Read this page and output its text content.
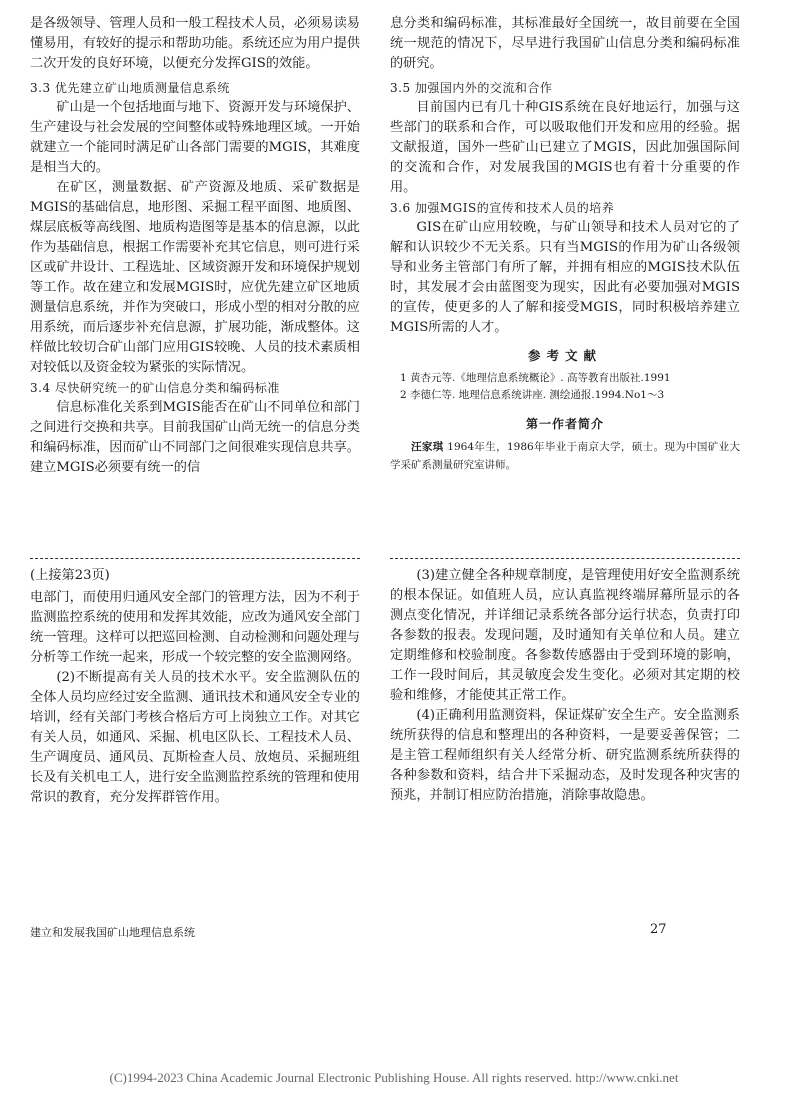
是各级领导、管理人员和一般工程技术人员，必须易读易懂易用，有较好的提示和帮助功能。系统还应为用户提供二次开发的良好环境，以便充分发挥GIS的效能。

3.3 优先建立矿山地质测量信息系统

矿山是一个包括地面与地下、资源开发与环境保护、生产建设与社会发展的空间整体或特殊地理区域。一开始就建立一个能同时满足矿山各部门需要的MGIS，其难度是相当大的。

在矿区，测量数据、矿产资源及地质、采矿数据是MGIS的基础信息，地形图、采掘工程平面图、地质图、煤层底板等高线图、地质构造图等是基本的信息源，以此作为基础信息，根据工作需要补充其它信息，则可进行采区或矿井设计、工程选址、区域资源开发和环境保护规划等工作。故在建立和发展MGIS时，应优先建立矿区地质测量信息系统，并作为突破口，形成小型的相对分散的应用系统，而后逐步补充信息源，扩展功能，渐成整体。这样做比较切合矿山部门应用GIS较晚、人员的技术素质相对较低以及资金较为紧张的实际情况。

3.4 尽快研究统一的矿山信息分类和编码标准

信息标准化关系到MGIS能否在矿山不同单位和部门之间进行交换和共享。目前我国矿山尚无统一的信息分类和编码标准，因而矿山不同部门之间很难实现信息共享。建立MGIS必须要有统一的信

息分类和编码标准，其标准最好全国统一，故目前要在全国统一规范的情况下，尽早进行我国矿山信息分类和编码标准的研究。

3.5 加强国内外的交流和合作

目前国内已有几十种GIS系统在良好地运行，加强与这些部门的联系和合作，可以吸取他们开发和应用的经验。据文献报道，国外一些矿山已建立了MGIS，因此加强国际间的交流和合作，对发展我国的MGIS也有着十分重要的作用。

3.6 加强MGIS的宣传和技术人员的培养

GIS在矿山应用较晚，与矿山领导和技术人员对它的了解和认识较少不无关系。只有当MGIS的作用为矿山各级领导和业务主管部门有所了解，并拥有相应的MGIS技术队伍时，其发展才会由蓝图变为现实，因此有必要加强对MGIS的宣传，使更多的人了解和接受MGIS，同时积极培养建立MGIS所需的人才。

参考文献
1 黄杏元等.《地理信息系统概论》. 高等教育出版社.1991
2 李德仁等. 地理信息系统讲座. 测绘通报.1994.No1～3
第一作者简介
汪家琪 1964年生，1986年毕业于南京大学，硕士。现为中国矿业大学采矿系测量研究室讲师。

(上接第23页)

电部门，而使用归通风安全部门的管理方法，因为不利于监测监控系统的使用和发挥其效能，应改为通风安全部门统一管理。这样可以把巡回检测、自动检测和问题处理与分析等工作统一起来，形成一个较完整的安全监测网络。

(2)不断提高有关人员的技术水平。安全监测队伍的全体人员均应经过安全监测、通讯技术和通风安全专业的培训，经有关部门考核合格后方可上岗独立工作。对其它有关人员，如通风、采掘、机电区队长、工程技术人员、生产调度员、通风员、瓦斯检查人员、放炮员、采掘班组长及有关机电工人，进行安全监测监控系统的管理和使用常识的教育，充分发挥群管作用。

(3)建立健全各种规章制度，是管理使用好安全监测系统的根本保证。如值班人员，应认真监视终端屏幕所显示的各测点变化情况，并详细记录系统各部分运行状态，负责打印各参数的报表。发现问题，及时通知有关单位和人员。建立定期维修和校验制度。各参数传感器由于受到环境的影响，工作一段时间后，其灵敏度会发生变化。必须对其定期的校验和维修，才能使其正常工作。

(4)正确利用监测资料，保证煤矿安全生产。安全监测系统所获得的信息和整理出的各种资料，一是要妥善保管；二是主管工程师组织有关人经常分析、研究监测系统所获得的各种参数和资料，结合井下采掘动态，及时发现各种灾害的预兆，并制订相应防治措施，消除事故隐患。

建立和发展我国矿山地理信息系统	27
(C)1994-2023 China Academic Journal Electronic Publishing House. All rights reserved. http://www.cnki.net
